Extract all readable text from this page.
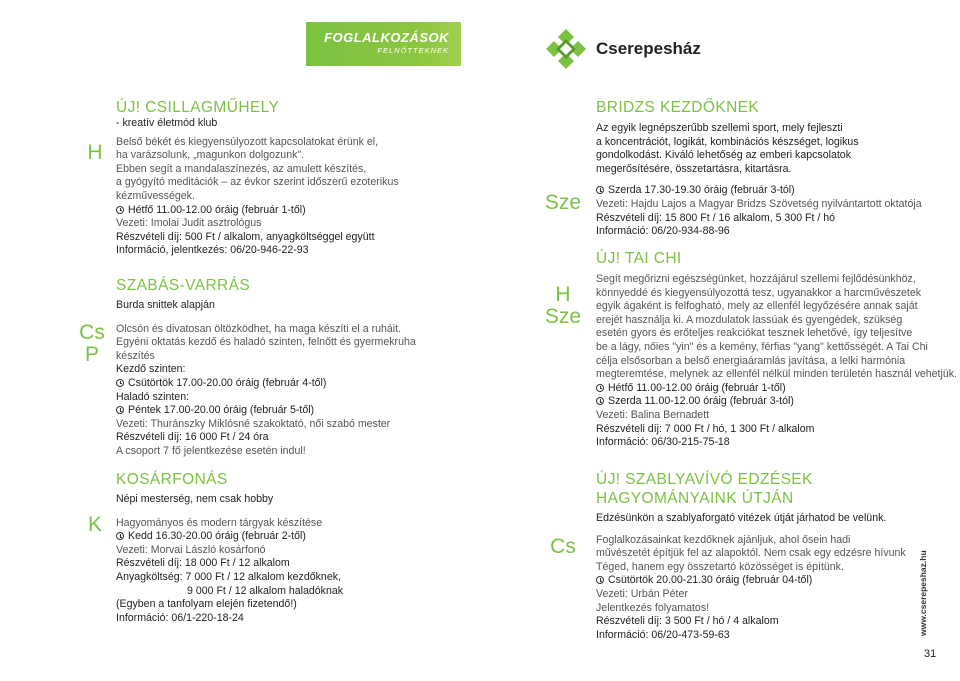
FOGLALKOZÁSOK
FELNŐTTEKNEK	Cserepesház
H
ÚJ! CSILLAGMŰHELY
- kreatív életmód klub
Belső békét és kiegyensúlyozott kapcsolatokat érünk el,
ha varázsolunk, „magunkon dolgozunk".
Ebben segít a mandalaszínezés, az amulett készítés,
a gyógyító meditációk – az évkor szerint időszerű ezoterikus
kézművességek.
Hétfő 11.00-12.00 óráig (február 1-től)
Vezeti: Imolai Judit asztrológus
Részvételi díj: 500 Ft / alkalom, anyagköltséggel együtt
Információ, jelentkezés: 06/20-946-22-93
Cs
P
SZABÁS-VARRÁS
Burda snittek alapján
Olcsón és divatosan öltözködhet, ha maga készíti el a ruháit.
Egyéni oktatás kezdő és haladó szinten, felnőtt és gyermekruha
készítés
Kezdő szinten:
Csütörtök 17.00-20.00 óráig (február 4-től)
Haladó szinten:
Péntek 17.00-20.00 óráig (február 5-től)
Vezeti: Thuránszky Miklósné szakoktató, női szabó mester
Részvételi díj: 16 000 Ft / 24 óra
A csoport 7 fő jelentkezése esetén indul!
K
KOSÁRFONÁS
Népi mesterség, nem csak hobby
Hagyományos és modern tárgyak készítése
Kedd 16.30-20.00 óráig (február 2-től)
Vezeti: Morvai László kosárfonó
Részvételi díj: 18 000 Ft / 12 alkalom
Anyagköltség: 7 000 Ft / 12 alkalom kezdőknek,
9 000 Ft / 12 alkalom haladóknak
(Egyben a tanfolyam elején fizetendő!)
Információ: 06/1-220-18-24
Sze
BRIDZS KEZDŐKNEK
Az egyik legnépszerűbb szellemi sport, mely fejleszti
a koncentrációt, logikát, kombinációs készséget, logikus
gondolkodást. Kiváló lehetőség az emberi kapcsolatok
megerősítésére, összetartásra, kitartásra.
Szerda 17.30-19.30 óráig (február 3-tól)
Vezeti: Hajdu Lajos a Magyar Bridzs Szövetség nyilvántartott oktatója
Részvételi díj: 15 800 Ft / 16 alkalom, 5 300 Ft / hó
Információ: 06/20-934-88-96
H
Sze
ÚJ! TAI CHI
Segít megőrizni egészségünket, hozzájárul szellemi fejlődésünkhöz,
könnyeddé és kiegyensúlyozottá tesz, ugyanakkor a harcművészetek
egyik ágaként is felfogható, mely az ellenfél legyőzésére annak saját
erejét használja ki. A mozdulatok lassúak és gyengédek, szükség
esetén gyors és erőteljes reakciókat tesznek lehetővé, így teljesítve
be a lágy, nőies "yin" és a kemény, férfias "yang" kettősségét. A Tai Chi
célja elsősorban a belső energiaáramlás javítása, a lelki harmónia
megteremtése, melynek az ellenfél nélkül minden területén használ vehetjük.
Hétfő 11.00-12.00 óráig (február 1-től)
Szerda 11.00-12.00 óráig (február 3-tól)
Vezeti: Balina Bernadett
Részvételi díj: 7 000 Ft / hó, 1 300 Ft / alkalom
Információ: 06/30-215-75-18
Cs
ÚJ! SZABLYAVÍVÓ EDZÉSEK
HAGYOMÁNYAINK ÚTJÁN
Edzésünkön a szablyaforgató vitézek útját járhatod be velünk.
Foglalkozásainkat kezdőknek ajánljuk, ahol ősein hadi
művészetét építjük fel az alapoktól. Nem csak egy edzésre hívunk
Téged, hanem egy összetartó közösséget is építünk.
Csütörtök 20.00-21.30 óráig (február 04-től)
Vezeti: Urbán Péter
Jelentkezés folyamatos!
Részvételi díj: 3 500 Ft / hó / 4 alkalom
Információ: 06/20-473-59-63	www.cserepeshaz.hu
31
